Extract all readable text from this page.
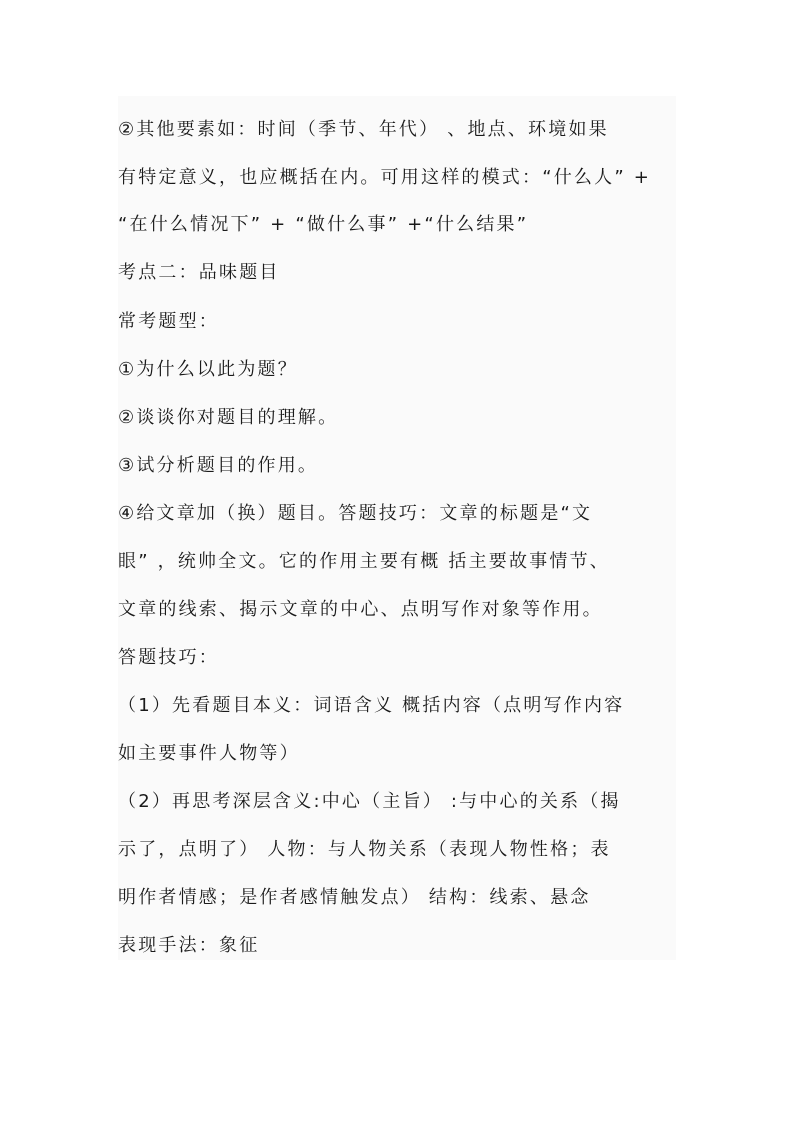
②其他要素如：时间（季节、年代） 、地点、环境如果
有特定意义，也应概括在内。可用这样的模式：“什么人” +
“在什么情况下” + “做什么事” +“什么结果”
考点二：品味题目
常考题型：
①为什么以此为题？
②谈谈你对题目的理解。
③试分析题目的作用。
④给文章加（换）题目。答题技巧：文章的标题是“文
眼” ，统帅全文。它的作用主要有概 括主要故事情节、
文章的线索、揭示文章的中心、点明写作对象等作用。
答题技巧：
（1）先看题目本义：词语含义 概括内容（点明写作内容
如主要事件人物等）
（2）再思考深层含义:中心（主旨） :与中心的关系（揭
示了，点明了） 人物：与人物关系（表现人物性格；表
明作者情感；是作者感情触发点） 结构：线索、悬念
表现手法：象征
